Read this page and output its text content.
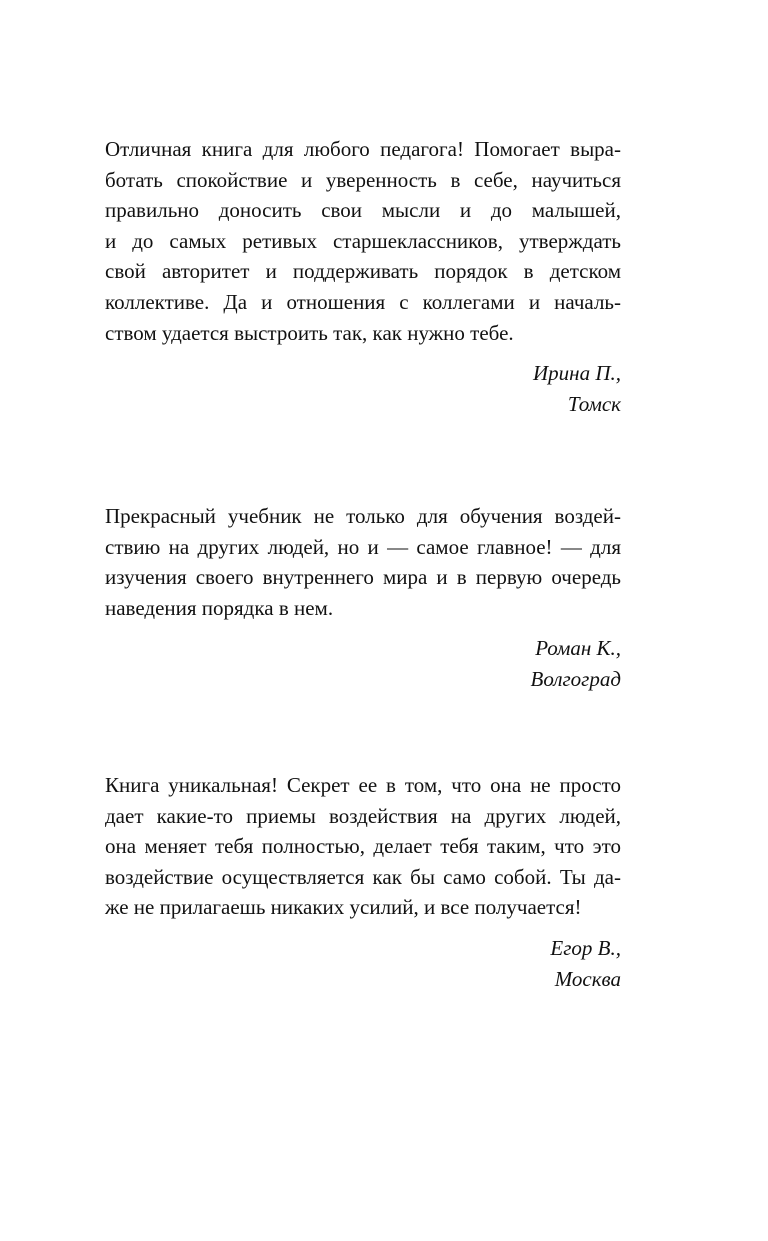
Отличная книга для любого педагога! Помогает выра-
ботать спокойствие и уверенность в себе, научиться
правильно доносить свои мысли и до малышей,
и до самых ретивых старшеклассников, утверждать
свой авторитет и поддерживать порядок в детском
коллективе. Да и отношения с коллегами и началь-
ством удается выстроить так, как нужно тебе.

Ирина П.,
Томск

Прекрасный учебник не только для обучения воздей-
ствию на других людей, но и — самое главное! — для
изучения своего внутреннего мира и в первую очередь
наведения порядка в нем.

Роман К.,
Волгоград

Книга уникальная! Секрет ее в том, что она не просто
дает какие-то приемы воздействия на других людей,
она меняет тебя полностью, делает тебя таким, что это
воздействие осуществляется как бы само собой. Ты да-
же не прилагаешь никаких усилий, и все получается!

Егор В.,
Москва
